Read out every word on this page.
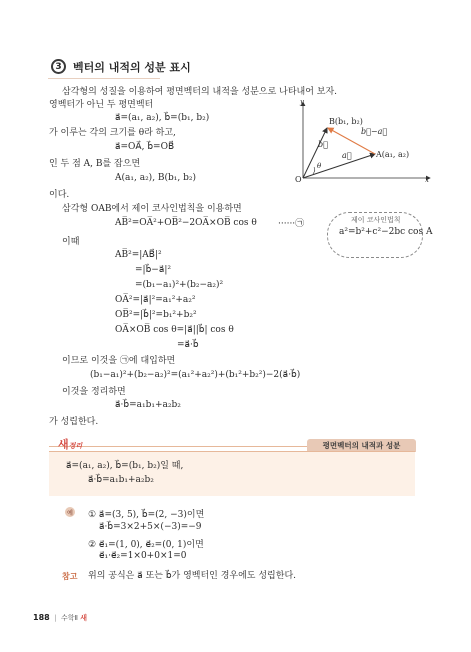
3	벡터의 내적의 성분 표시
삼각형의 성질을 이용하여 평면벡터의 내적을 성분으로 나타내어 보자.
영벡터가 아닌 두 평면벡터
a⃗=(a₁, a₂), b⃗=(b₁, b₂)
가 이루는 각의 크기를 θ라 하고,
a⃗=OA⃗, b⃗=OB⃗
인 두 점 A, B를 잡으면
A(a₁, a₂), B(b₁, b₂)
이다.
y
x
O
B(b₁, b₂)
A(a₁, a₂)
b⃗
a⃗
b⃗−a⃗
θ
삼각형 OAB에서 제이 코사인법칙을 이용하면
AB̅²=OA̅²+OB̅²−2OA̅×OB̅ cos θ ······㉠	제이 코사인법칙
a²=b²+c²−2bc cos A
이때
AB̅²=|AB⃗|²
=|b⃗−a⃗|²
=(b₁−a₁)²+(b₂−a₂)²
OA̅²=|a⃗|²=a₁²+a₂²
OB̅²=|b⃗|²=b₁²+b₂²
OA̅×OB̅ cos θ=|a⃗||b⃗| cos θ
=a⃗·b⃗
이므로 이것을 ㉠에 대입하면
(b₁−a₁)²+(b₂−a₂)²=(a₁²+a₂²)+(b₁²+b₂²)−2(a⃗·b⃗)
이것을 정리하면
a⃗·b⃗=a₁b₁+a₂b₂
가 성립한다.
새정리	평면벡터의 내적과 성분
a⃗=(a₁, a₂), b⃗=(b₁, b₂)일 때,
a⃗·b⃗=a₁b₁+a₂b₂
예 ① a⃗=(3, 5), b⃗=(2, −3)이면
a⃗·b⃗=3×2+5×(−3)=−9
② e⃗₁=(1, 0), e⃗₂=(0, 1)이면
e⃗₁·e⃗₂=1×0+0×1=0
참고 위의 공식은 a⃗ 또는 b⃗가 영벡터인 경우에도 성립한다.
188  |  수학Ⅱ 새
